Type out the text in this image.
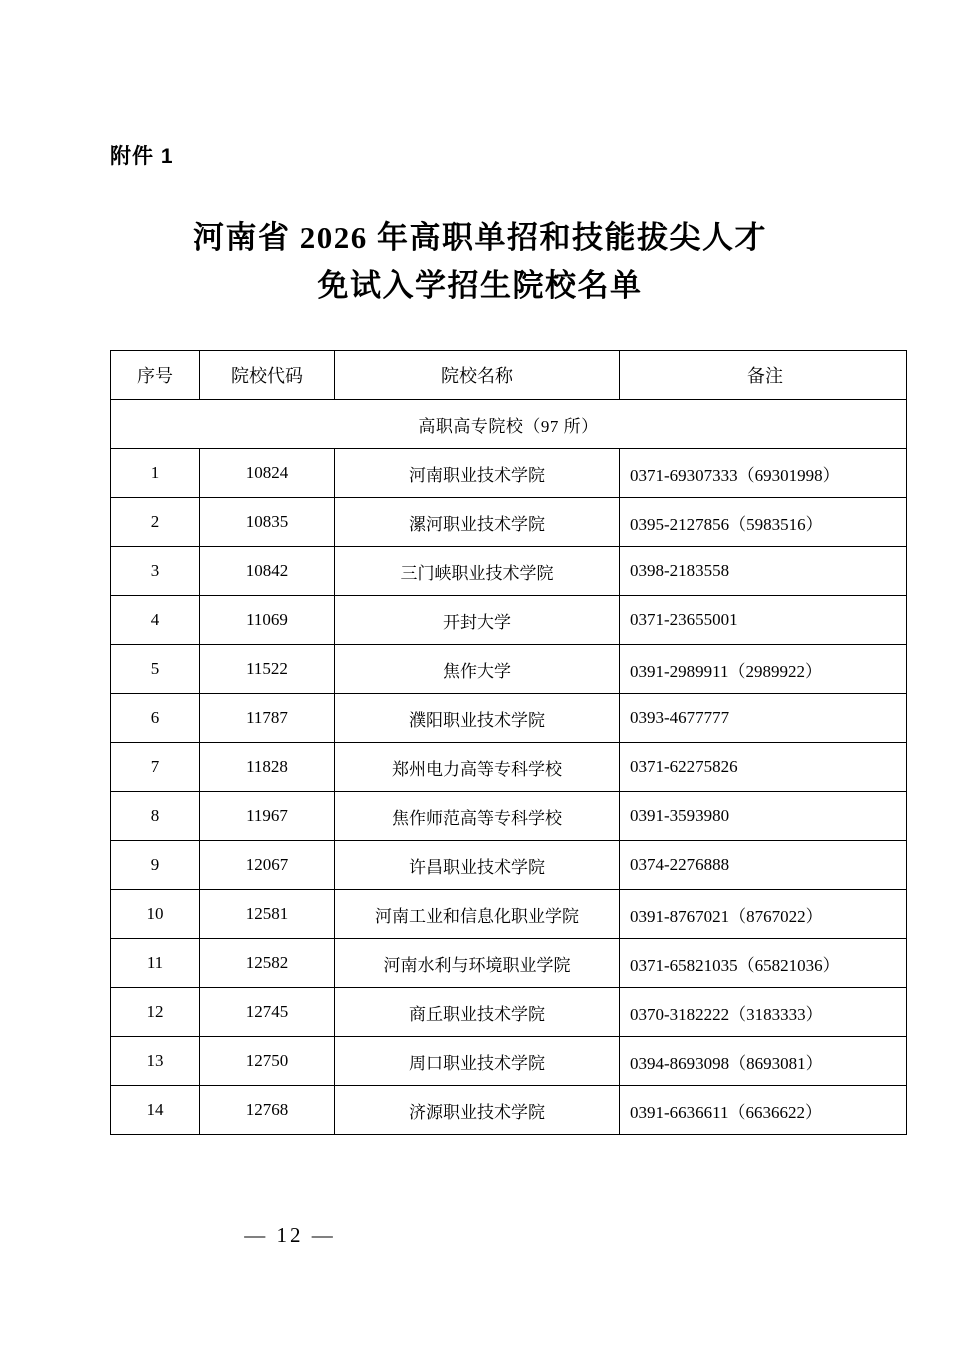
附件 1
河南省 2026 年高职单招和技能拔尖人才
免试入学招生院校名单
序号	院校代码	院校名称	备注
高职高专院校（97 所）			
1	10824	河南职业技术学院	0371-69307333（69301998）
2	10835	漯河职业技术学院	0395-2127856（5983516）
3	10842	三门峡职业技术学院	0398-2183558
4	11069	开封大学	0371-23655001
5	11522	焦作大学	0391-2989911（2989922）
6	11787	濮阳职业技术学院	0393-4677777
7	11828	郑州电力高等专科学校	0371-62275826
8	11967	焦作师范高等专科学校	0391-3593980
9	12067	许昌职业技术学院	0374-2276888
10	12581	河南工业和信息化职业学院	0391-8767021（8767022）
11	12582	河南水利与环境职业学院	0371-65821035（65821036）
12	12745	商丘职业技术学院	0370-3182222（3183333）
13	12750	周口职业技术学院	0394-8693098（8693081）
14	12768	济源职业技术学院	0391-6636611（6636622）
— 12 —
